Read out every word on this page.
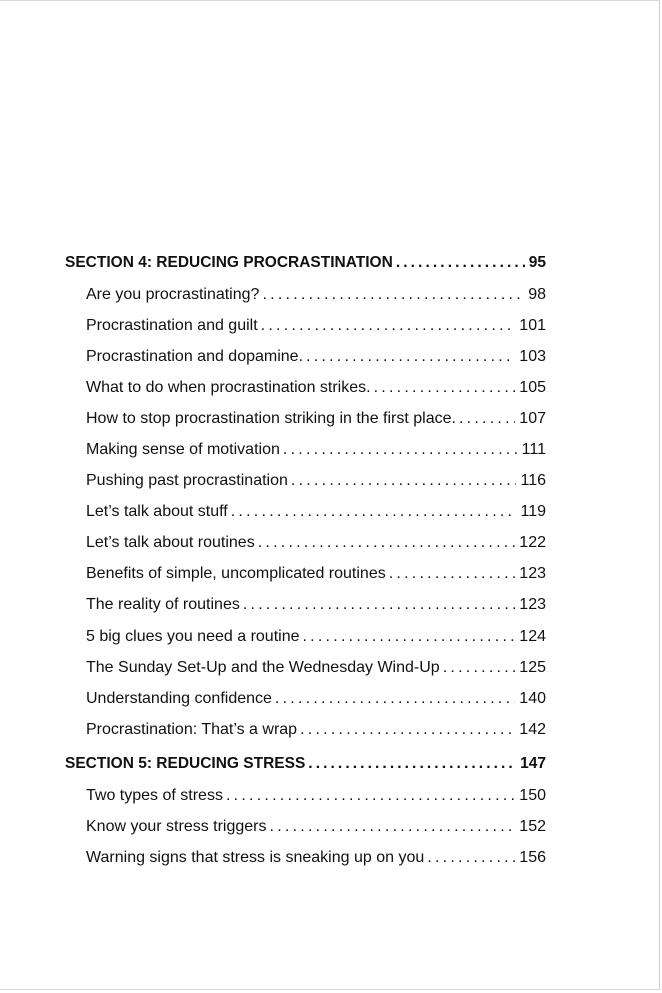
SECTION 4: REDUCING PROCRASTINATION . . .	95
Are you procrastinating? . . .	98
Procrastination and guilt . . .	101
Procrastination and dopamine. . . .	103
What to do when procrastination strikes. . . .	105
How to stop procrastination striking in the first place. . . .	107
Making sense of motivation . . .	111
Pushing past procrastination . . .	116
Let’s talk about stuff . . .	119
Let’s talk about routines . . .	122
Benefits of simple, uncomplicated routines . . .	123
The reality of routines . . .	123
5 big clues you need a routine . . .	124
The Sunday Set-Up and the Wednesday Wind-Up . . .	125
Understanding confidence . . .	140
Procrastination: That’s a wrap . . .	142
SECTION 5: REDUCING STRESS . . .	147
Two types of stress . . .	150
Know your stress triggers . . .	152
Warning signs that stress is sneaking up on you . . .	156
